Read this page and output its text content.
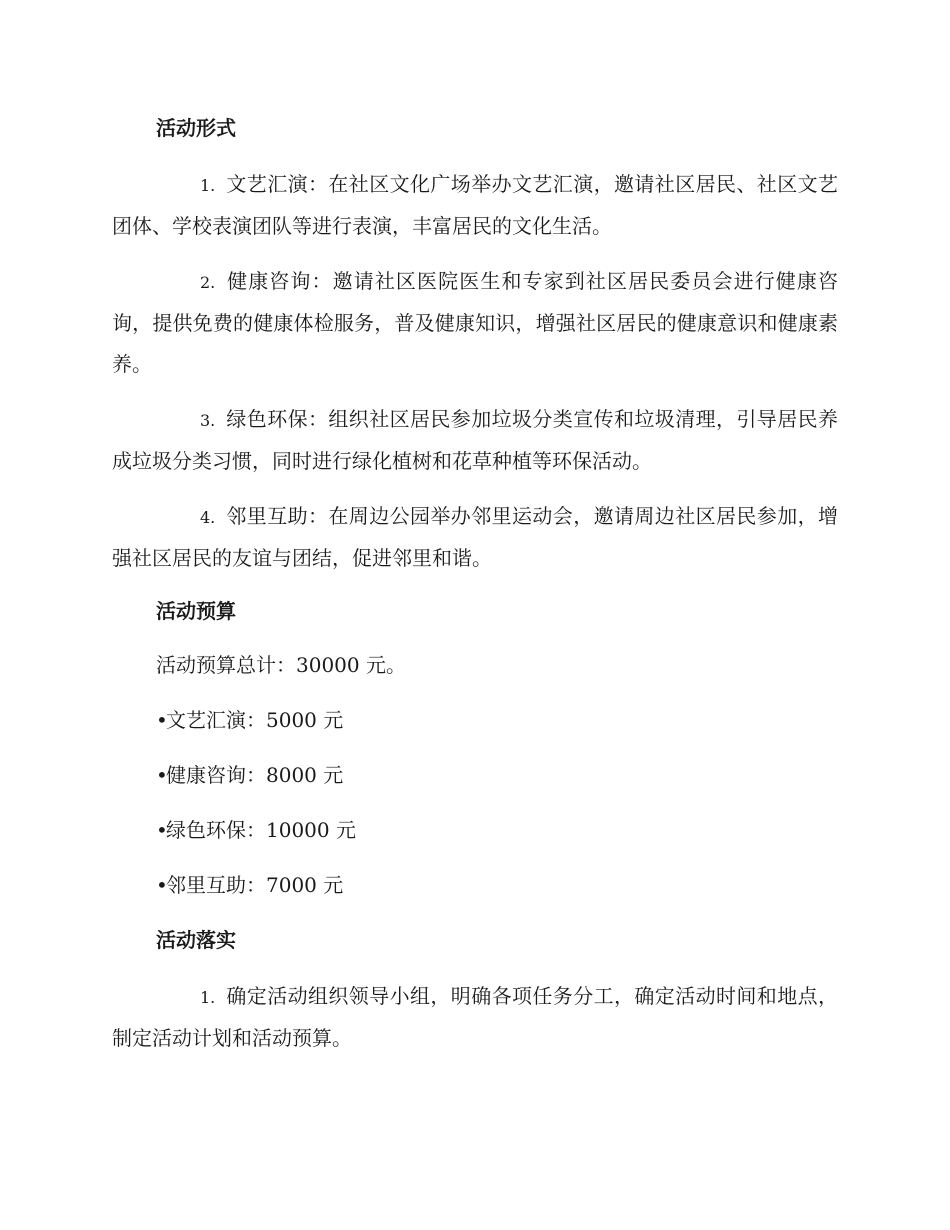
活动形式
1. 文艺汇演：在社区文化广场举办文艺汇演，邀请社区居民、社区文艺团体、学校表演团队等进行表演，丰富居民的文化生活。
2. 健康咨询：邀请社区医院医生和专家到社区居民委员会进行健康咨询，提供免费的健康体检服务，普及健康知识，增强社区居民的健康意识和健康素养。
3. 绿色环保：组织社区居民参加垃圾分类宣传和垃圾清理，引导居民养成垃圾分类习惯，同时进行绿化植树和花草种植等环保活动。
4. 邻里互助：在周边公园举办邻里运动会，邀请周边社区居民参加，增强社区居民的友谊与团结，促进邻里和谐。
活动预算
活动预算总计：30000 元。
•文艺汇演：5000 元
•健康咨询：8000 元
•绿色环保：10000 元
•邻里互助：7000 元
活动落实
1. 确定活动组织领导小组，明确各项任务分工，确定活动时间和地点，制定活动计划和活动预算。
